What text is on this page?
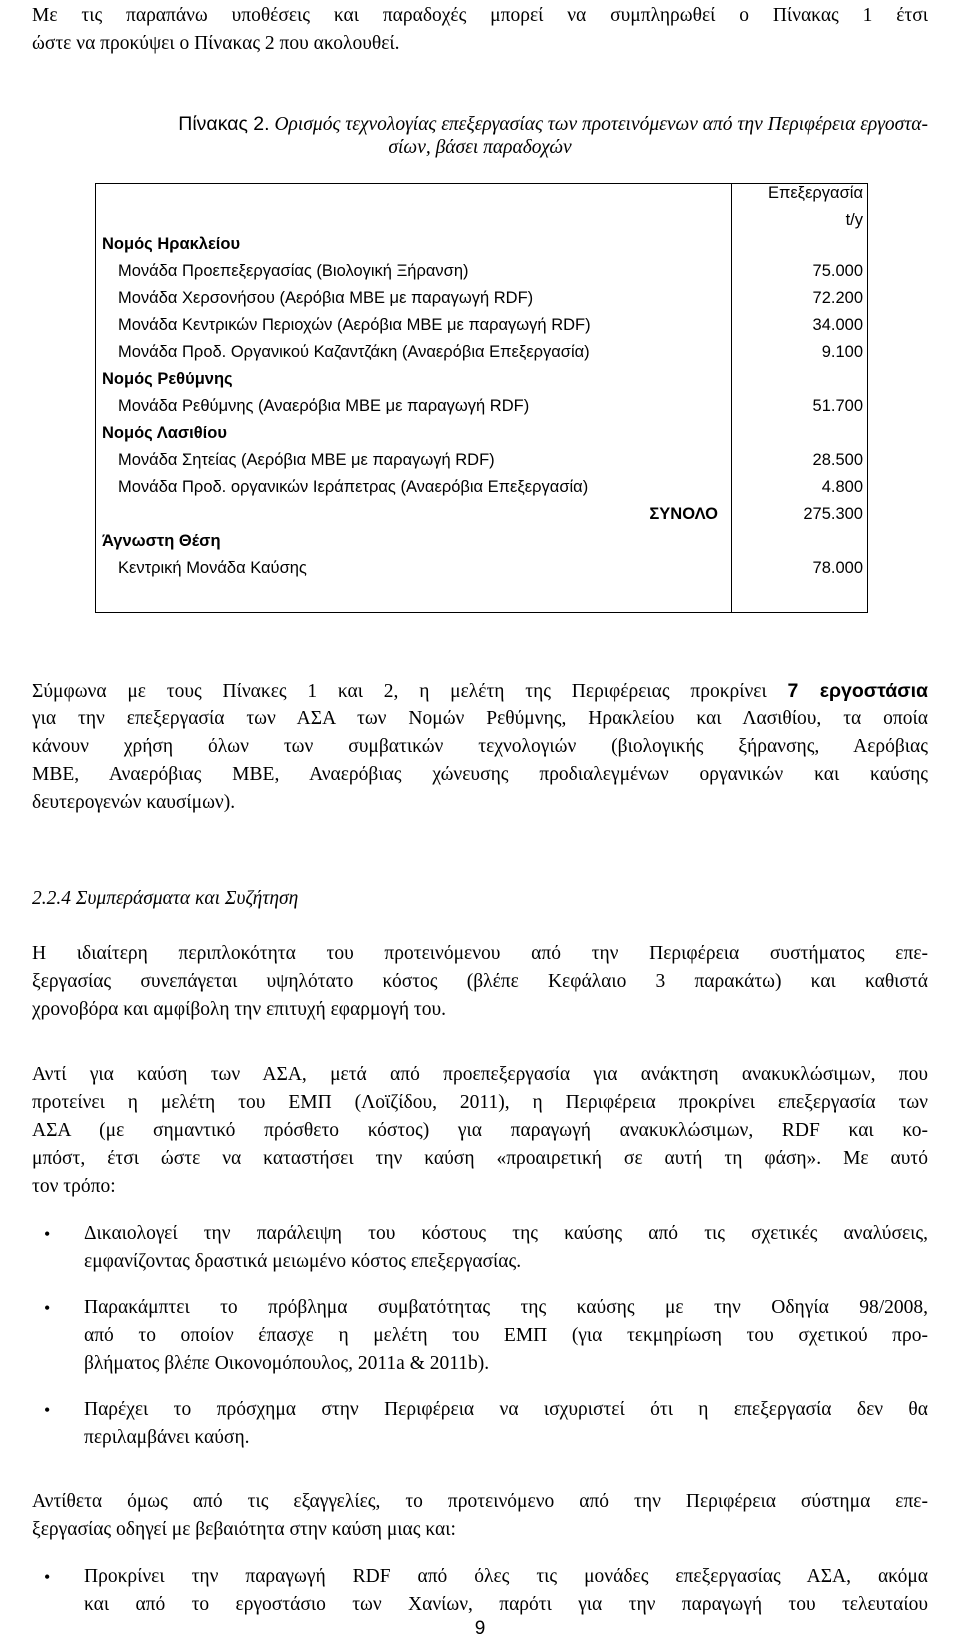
Με τις παραπάνω υποθέσεις και παραδοχές μπορεί να συμπληρωθεί ο Πίνακας 1 έτσι
ώστε να προκύψει ο Πίνακας 2 που ακολουθεί.
Πίνακας 2. Ορισμός τεχνολογίας επεξεργασίας των προτεινόμενων από την Περιφέρεια εργοστα-
σίων, βάσει παραδοχών
Επεξεργασία
t/y
Νομός Ηρακλείου
Μονάδα Προεπεξεργασίας (Βιολογική Ξήρανση)	75.000
Μονάδα Χερσονήσου (Αερόβια ΜΒΕ με παραγωγή RDF)	72.200
Μονάδα Κεντρικών Περιοχών (Αερόβια ΜΒΕ με παραγωγή RDF)	34.000
Μονάδα Προδ. Οργανικού Καζαντζάκη (Αναερόβια Επεξεργασία)	9.100
Νομός Ρεθύμνης
Μονάδα Ρεθύμνης (Αναερόβια ΜΒΕ με παραγωγή RDF)	51.700
Νομός Λασιθίου
Μονάδα Σητείας (Αερόβια ΜΒΕ με παραγωγή RDF)	28.500
Μονάδα Προδ. οργανικών Ιεράπετρας (Αναερόβια Επεξεργασία)	4.800
ΣΥΝΟΛΟ	275.300
Άγνωστη Θέση
Κεντρική Μονάδα Καύσης	78.000
Σύμφωνα με τους Πίνακες 1 και 2, η μελέτη της Περιφέρειας προκρίνει 7 εργοστάσια
για την επεξεργασία των ΑΣΑ των Νομών Ρεθύμνης, Ηρακλείου και Λασιθίου, τα οποία
κάνουν χρήση όλων των συμβατικών τεχνολογιών (βιολογικής ξήρανσης, Αερόβιας
ΜΒΕ, Αναερόβιας ΜΒΕ, Αναερόβιας χώνευσης προδιαλεγμένων οργανικών και καύσης
δευτερογενών καυσίμων).
2.2.4 Συμπεράσματα και Συζήτηση
Η ιδιαίτερη περιπλοκότητα του προτεινόμενου από την Περιφέρεια συστήματος επε-
ξεργασίας συνεπάγεται υψηλότατο κόστος (βλέπε Κεφάλαιο 3 παρακάτω) και καθιστά
χρονοβόρα και αμφίβολη την επιτυχή εφαρμογή του.
Αντί για καύση των ΑΣΑ, μετά από προεπεξεργασία για ανάκτηση ανακυκλώσιμων, που
προτείνει η μελέτη του ΕΜΠ (Λοϊζίδου, 2011), η Περιφέρεια προκρίνει επεξεργασία των
ΑΣΑ (με σημαντικό πρόσθετο κόστος) για παραγωγή ανακυκλώσιμων, RDF και κο-
μπόστ, έτσι ώστε να καταστήσει την καύση «προαιρετική σε αυτή τη φάση». Με αυτό
τον τρόπο:
• Δικαιολογεί την παράλειψη του κόστους της καύσης από τις σχετικές αναλύσεις,
εμφανίζοντας δραστικά μειωμένο κόστος επεξεργασίας.
• Παρακάμπτει το πρόβλημα συμβατότητας της καύσης με την Οδηγία 98/2008,
από το οποίον έπασχε η μελέτη του ΕΜΠ (για τεκμηρίωση του σχετικού προ-
βλήματος βλέπε Οικονομόπουλος, 2011a & 2011b).
• Παρέχει το πρόσχημα στην Περιφέρεια να ισχυριστεί ότι η επεξεργασία δεν θα
περιλαμβάνει καύση.
Αντίθετα όμως από τις εξαγγελίες, το προτεινόμενο από την Περιφέρεια σύστημα επε-
ξεργασίας οδηγεί με βεβαιότητα στην καύση μιας και:
• Προκρίνει την παραγωγή RDF από όλες τις μονάδες επεξεργασίας ΑΣΑ, ακόμα
και από το εργοστάσιο των Χανίων, παρότι για την παραγωγή του τελευταίου
9
